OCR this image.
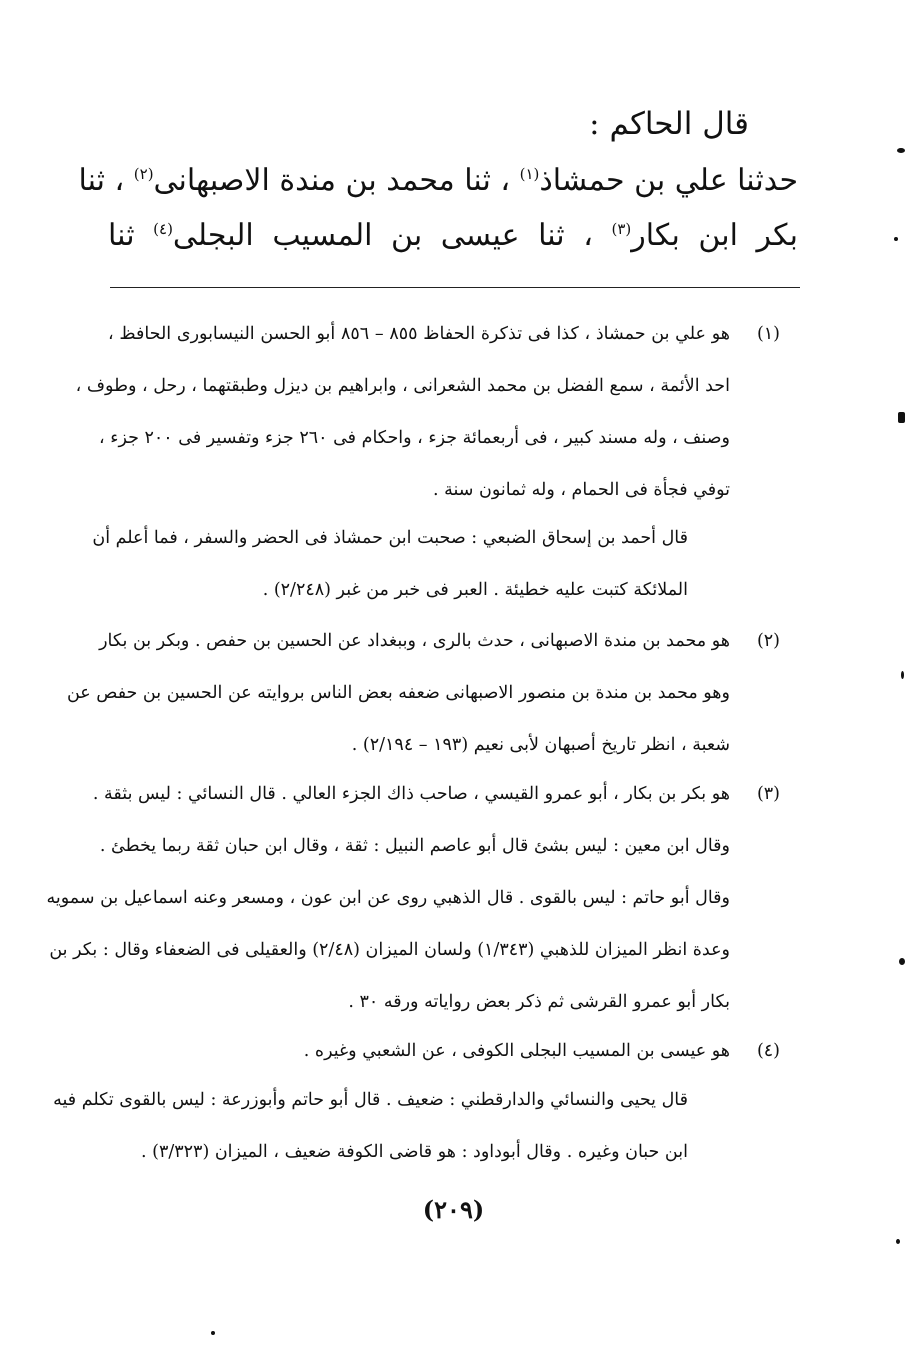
قال الحاكم :
حدثنا علي بن حمشاذ$^{(١)}$ ، ثنا محمد بن مندة الاصبهانى$^{(٢)}$ ، ثنا
بكر ابن بكار$^{(٣)}$ ، ثنا عيسى بن المسيب البجلى$^{(٤)}$ ثنا
(١)
هو علي بن حمشاذ ، كذا فى تذكرة الحفاظ ٨٥٥ – ٨٥٦ أبو الحسن النيسابورى الحافظ ،
احد الأئمة ، سمع الفضل بن محمد الشعرانى ، وابراهيم بن ديزل وطبقتهما ، رحل ، وطوف ،
وصنف ، وله مسند كبير ، فى أربعمائة جزء ، واحكام فى ٢٦٠ جزء وتفسير فى ٢٠٠ جزء ،
توفي فجأة فى الحمام ، وله ثمانون سنة .
قال أحمد بن إسحاق الضبعي : صحبت ابن حمشاذ فى الحضر والسفر ، فما أعلم أن
الملائكة كتبت عليه خطيئة . العبر فى خبر من غبر (٢/٢٤٨) .
(٢)
هو محمد بن مندة الاصبهانى ، حدث بالرى ، وببغداد عن الحسين بن حفص . وبكر بن بكار
وهو محمد بن مندة بن منصور الاصبهانى ضعفه بعض الناس بروايته عن الحسين بن حفص عن
شعبة ، انظر تاريخ أصبهان لأبى نعيم (١٩٣ – ٢/١٩٤) .
(٣)
هو بكر بن بكار ، أبو عمرو القيسي ، صاحب ذاك الجزء العالي . قال النسائي : ليس بثقة .
وقال ابن معين : ليس بشئ قال أبو عاصم النبيل : ثقة ، وقال ابن حبان ثقة ربما يخطئ .
وقال أبو حاتم : ليس بالقوى . قال الذهبي روى عن ابن عون ، ومسعر وعنه اسماعيل بن سمويه
وعدة انظر الميزان للذهبي (١/٣٤٣) ولسان الميزان (٢/٤٨) والعقيلى فى الضعفاء وقال : بكر بن
بكار أبو عمرو القرشى ثم ذكر بعض رواياته ورقه ٣٠ .
(٤)
هو عيسى بن المسيب البجلى الكوفى ، عن الشعبي وغيره .
قال يحيى والنسائي والدارقطني : ضعيف . قال أبو حاتم وأبوزرعة : ليس بالقوى تكلم فيه
ابن حبان وغيره . وقال أبوداود : هو قاضى الكوفة ضعيف ، الميزان (٣/٣٢٣) .
(٢٠٩)
